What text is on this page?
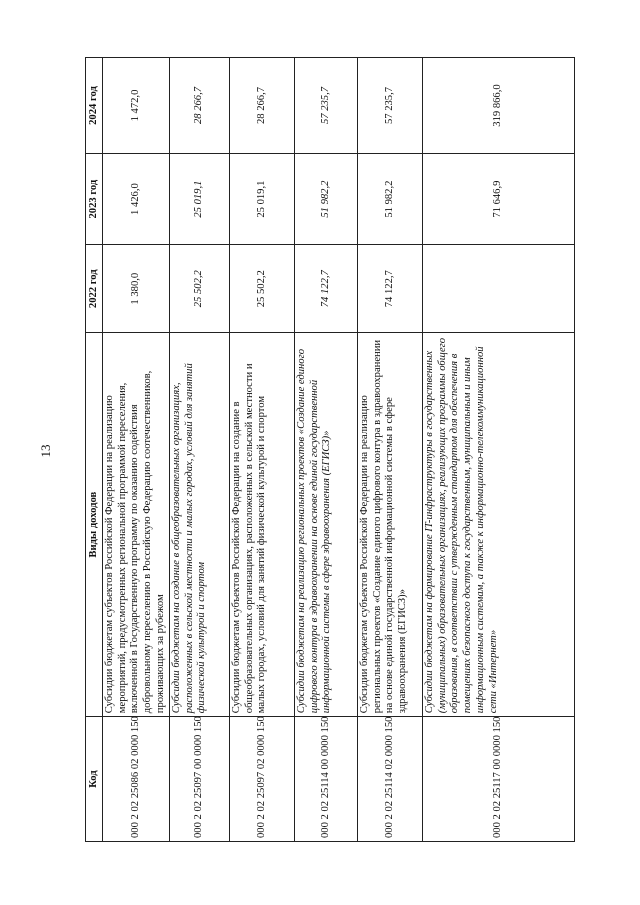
13
Код	Виды доходов	2022 год	2023 год	2024 год
000 2 02 25086 02 0000 150	Субсидии бюджетам субъектов Российской Федерации на реализацию мероприятий, предусмотренных региональной программой переселения, включенной в Государственную программу по оказанию содействия добровольному переселению в Российскую Федерацию соотечественников, проживающих за рубежом	1 380,0	1 426,0	1 472,0
000 2 02 25097 00 0000 150	Субсидии бюджетам на создание в общеобразовательных организациях, расположенных в сельской местности и малых городах, условий для занятий физической культурой и спортом	25 502,2	25 019,1	28 266,7
000 2 02 25097 02 0000 150	Субсидии бюджетам субъектов Российской Федерации на создание в общеобразовательных организациях, расположенных в сельской местности и малых городах, условий для занятий физической культурой и спортом	25 502,2	25 019,1	28 266,7
000 2 02 25114 00 0000 150	Субсидии бюджетам на реализацию региональных проектов «Создание единого цифрового контура в здравоохранении на основе единой государственной информационной системы в сфере здравоохранения (ЕГИСЗ)»	74 122,7	51 982,2	57 235,7
000 2 02 25114 02 0000 150	Субсидии бюджетам субъектов Российской Федерации на реализацию региональных проектов «Создание единого цифрового контура в здравоохранении на основе единой государственной информационной системы в сфере здравоохранения (ЕГИСЗ)»	74 122,7	51 982,2	57 235,7
000 2 02 25117 00 0000 150	Субсидии бюджетам на формирование IT-инфраструктуры в государственных (муниципальных) образовательных организациях, реализующих программы общего образования, в соответствии с утвержденным стандартом для обеспечения в помещениях безопасного доступа к государственным, муниципальным и иным информационным системам, а также к информационно-телекоммуникационной сети «Интернет»		71 646,9	319 866,0
